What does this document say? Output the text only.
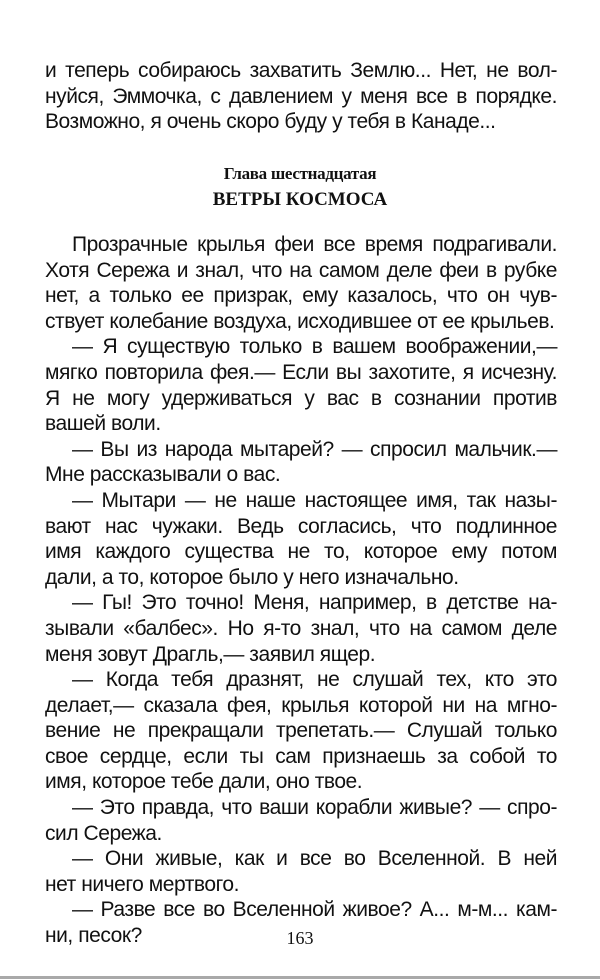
и теперь собираюсь захватить Землю... Нет, не вол-
нуйся, Эммочка, с давлением у меня все в порядке.
Возможно, я очень скоро буду у тебя в Канаде...
Глава шестнадцатая
ВЕТРЫ КОСМОСА
Прозрачные крылья феи все время подрагивали.
Хотя Сережа и знал, что на самом деле феи в рубке
нет, а только ее призрак, ему казалось, что он чув-
ствует колебание воздуха, исходившее от ее крыльев.
— Я существую только в вашем воображении,—
мягко повторила фея.— Если вы захотите, я исчезну.
Я не могу удерживаться у вас в сознании против
вашей воли.
— Вы из народа мытарей? — спросил мальчик.—
Мне рассказывали о вас.
— Мытари — не наше настоящее имя, так назы-
вают нас чужаки. Ведь согласись, что подлинное
имя каждого существа не то, которое ему потом
дали, а то, которое было у него изначально.
— Гы! Это точно! Меня, например, в детстве на-
зывали «балбес». Но я-то знал, что на самом деле
меня зовут Драгль,— заявил ящер.
— Когда тебя дразнят, не слушай тех, кто это
делает,— сказала фея, крылья которой ни на мгно-
вение не прекращали трепетать.— Слушай только
свое сердце, если ты сам признаешь за собой то
имя, которое тебе дали, оно твое.
— Это правда, что ваши корабли живые? — спро-
сил Сережа.
— Они живые, как и все во Вселенной. В ней
нет ничего мертвого.
— Разве все во Вселенной живое? А... м-м... кам-
ни, песок?	163
